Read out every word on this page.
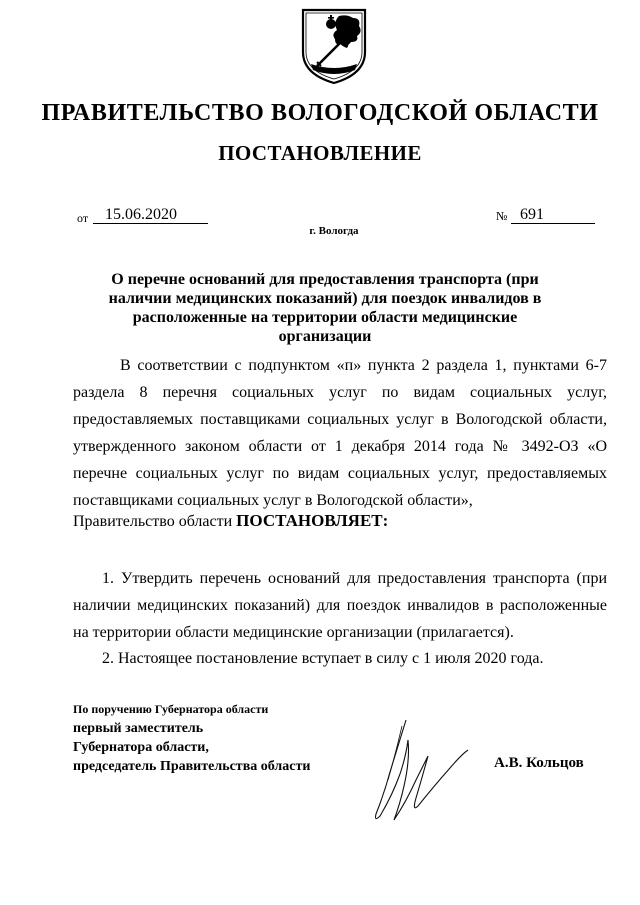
ПРАВИТЕЛЬСТВО ВОЛОГОДСКОЙ ОБЛАСТИ
ПОСТАНОВЛЕНИЕ
от	15.06.2020	№ 691
г. Вологда
О перечне оснований для предоставления транспорта (при наличии медицинских показаний) для поездок инвалидов в расположенные на территории области медицинские организации
В соответствии с подпунктом «п» пункта 2 раздела 1, пунктами 6-7 раздела 8 перечня социальных услуг по видам социальных услуг, предоставляемых поставщиками социальных услуг в Вологодской области, утвержденного законом области от 1 декабря 2014 года № 3492-ОЗ «О перечне социальных услуг по видам социальных услуг, предоставляемых поставщиками социальных услуг в Вологодской области»,
Правительство области ПОСТАНОВЛЯЕТ:
1. Утвердить перечень оснований для предоставления транспорта (при наличии медицинских показаний) для поездок инвалидов в расположенные на территории области медицинские организации (прилагается).
2. Настоящее постановление вступает в силу с 1 июля 2020 года.
По поручению Губернатора области
первый заместитель
Губернатора области,
председатель Правительства области	А.В. Кольцов
